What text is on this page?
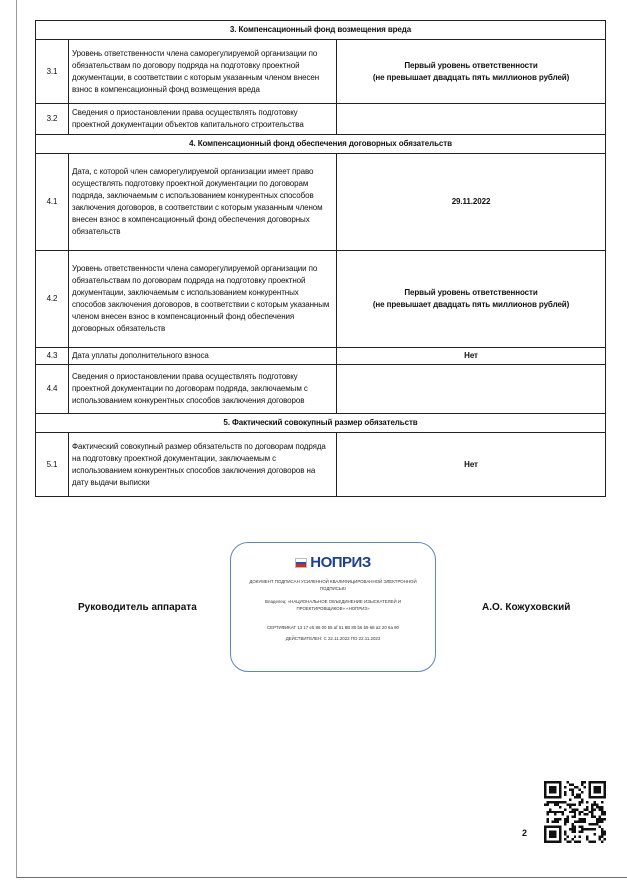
3. Компенсационный фонд возмещения вреда		
3.1	Уровень ответственности члена саморегулируемой организации по обязательствам по договору подряда на подготовку проектной документации, в соответствии с которым указанным членом внесен взнос в компенсационный фонд возмещения вреда	Первый уровень ответственности
(не превышает двадцать пять миллионов рублей)

3.2	Сведения о приостановлении права осуществлять подготовку проектной документации объектов капитального строительства	

4. Компенсационный фонд обеспечения договорных обязательств		
4.1	Дата, с которой член саморегулируемой организации имеет право осуществлять подготовку проектной документации по договорам подряда, заключаемым с использованием конкурентных способов заключения договоров, в соответствии с которым указанным членом внесен взнос в компенсационный фонд обеспечения договорных обязательств	29.11.2022

4.2	Уровень ответственности члена саморегулируемой организации по обязательствам по договорам подряда на подготовку проектной документации, заключаемым с использованием конкурентных способов заключения договоров, в соответствии с которым указанным членом внесен взнос в компенсационный фонд обеспечения договорных обязательств	Первый уровень ответственности
(не превышает двадцать пять миллионов рублей)

4.3	Дата уплаты дополнительного взноса	Нет

4.4	Сведения о приостановлении права осуществлять подготовку проектной документации по договорам подряда, заключаемым с использованием конкурентных способов заключения договоров	

5. Фактический совокупный размер обязательств		
5.1	Фактический совокупный размер обязательств по договорам подряда на подготовку проектной документации, заключаемым с использованием конкурентных способов заключения договоров на дату выдачи выписки	Нет
Руководитель аппарата	А.О. Кожуховский
НОПРИЗ
ДОКУМЕНТ ПОДПИСАН УСИЛЕННОЙ КВАЛИФИЦИРОВАННОЙ ЭЛЕКТРОННОЙ ПОДПИСЬЮ
Владелец: «НАЦИОНАЛЬНОЕ ОБЪЕДИНЕНИЕ ИЗЫСКАТЕЛЕЙ И ПРОЕКТИРОВЩИКОВ» «НОПРИЗ»
СЕРТИФИКАТ 13 17 e5 86 00 55 af 51 8B 80 b6 b9 68 a2 20 6a 90
ДЕЙСТВИТЕЛЕН: С 22.11.2022 ПО 22.11.2023
2
